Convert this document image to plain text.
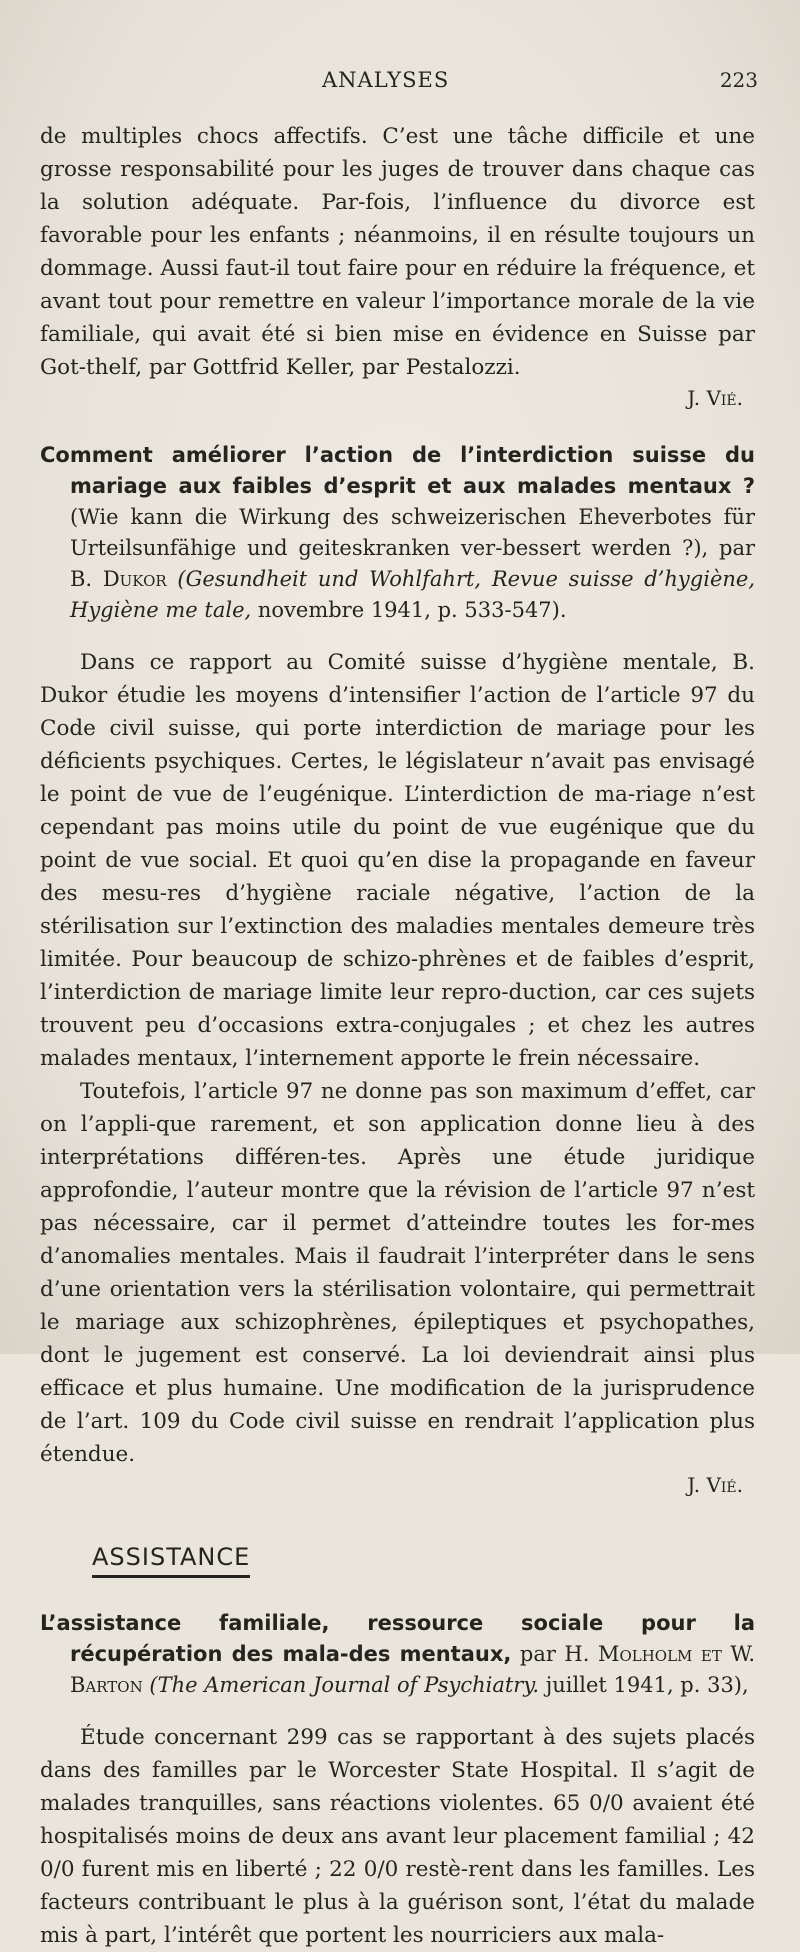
ANALYSES	223

de multiples chocs affectifs. C’est une tâche difficile et une grosse responsabilité pour les juges de trouver dans chaque cas la solution adéquate. Par-fois, l’influence du divorce est favorable pour les enfants ; néanmoins, il en résulte toujours un dommage. Aussi faut-il tout faire pour en réduire la fréquence, et avant tout pour remettre en valeur l’importance morale de la vie familiale, qui avait été si bien mise en évidence en Suisse par Got-thelf, par Gottfrid Keller, par Pestalozzi.

J. Vié.
Comment améliorer l’action de l’interdiction suisse du mariage aux faibles d’esprit et aux malades mentaux ? (Wie kann die Wirkung des schweizerischen Eheverbotes für Urteilsunfähige und geiteskranken ver-bessert werden ?), par B. Dukor (Gesundheit und Wohlfahrt, Revue suisse d’hygiène, Hygiène me tale, novembre 1941, p. 533-547).

Dans ce rapport au Comité suisse d’hygiène mentale, B. Dukor étudie les moyens d’intensifier l’action de l’article 97 du Code civil suisse, qui porte interdiction de mariage pour les déficients psychiques. Certes, le législateur n’avait pas envisagé le point de vue de l’eugénique. L’interdiction de ma-riage n’est cependant pas moins utile du point de vue eugénique que du point de vue social. Et quoi qu’en dise la propagande en faveur des mesu-res d’hygiène raciale négative, l’action de la stérilisation sur l’extinction des maladies mentales demeure très limitée. Pour beaucoup de schizo-phrènes et de faibles d’esprit, l’interdiction de mariage limite leur repro-duction, car ces sujets trouvent peu d’occasions extra-conjugales ; et chez les autres malades mentaux, l’internement apporte le frein nécessaire.

Toutefois, l’article 97 ne donne pas son maximum d’effet, car on l’appli-que rarement, et son application donne lieu à des interprétations différen-tes. Après une étude juridique approfondie, l’auteur montre que la révision de l’article 97 n’est pas nécessaire, car il permet d’atteindre toutes les for-mes d’anomalies mentales. Mais il faudrait l’interpréter dans le sens d’une orientation vers la stérilisation volontaire, qui permettrait le mariage aux schizophrènes, épileptiques et psychopathes, dont le jugement est conservé. La loi deviendrait ainsi plus efficace et plus humaine. Une modification de la jurisprudence de l’art. 109 du Code civil suisse en rendrait l’application plus étendue.

J. Vié.
ASSISTANCE
L’assistance familiale, ressource sociale pour la récupération des mala-des mentaux, par H. Molholm et W. Barton (The American Journal of Psychiatry. juillet 1941, p. 33),

Étude concernant 299 cas se rapportant à des sujets placés dans des familles par le Worcester State Hospital. Il s’agit de malades tranquilles, sans réactions violentes. 65 0/0 avaient été hospitalisés moins de deux ans avant leur placement familial ; 42 0/0 furent mis en liberté ; 22 0/0 restè-rent dans les familles. Les facteurs contribuant le plus à la guérison sont, l’état du malade mis à part, l’intérêt que portent les nourriciers aux mala-
